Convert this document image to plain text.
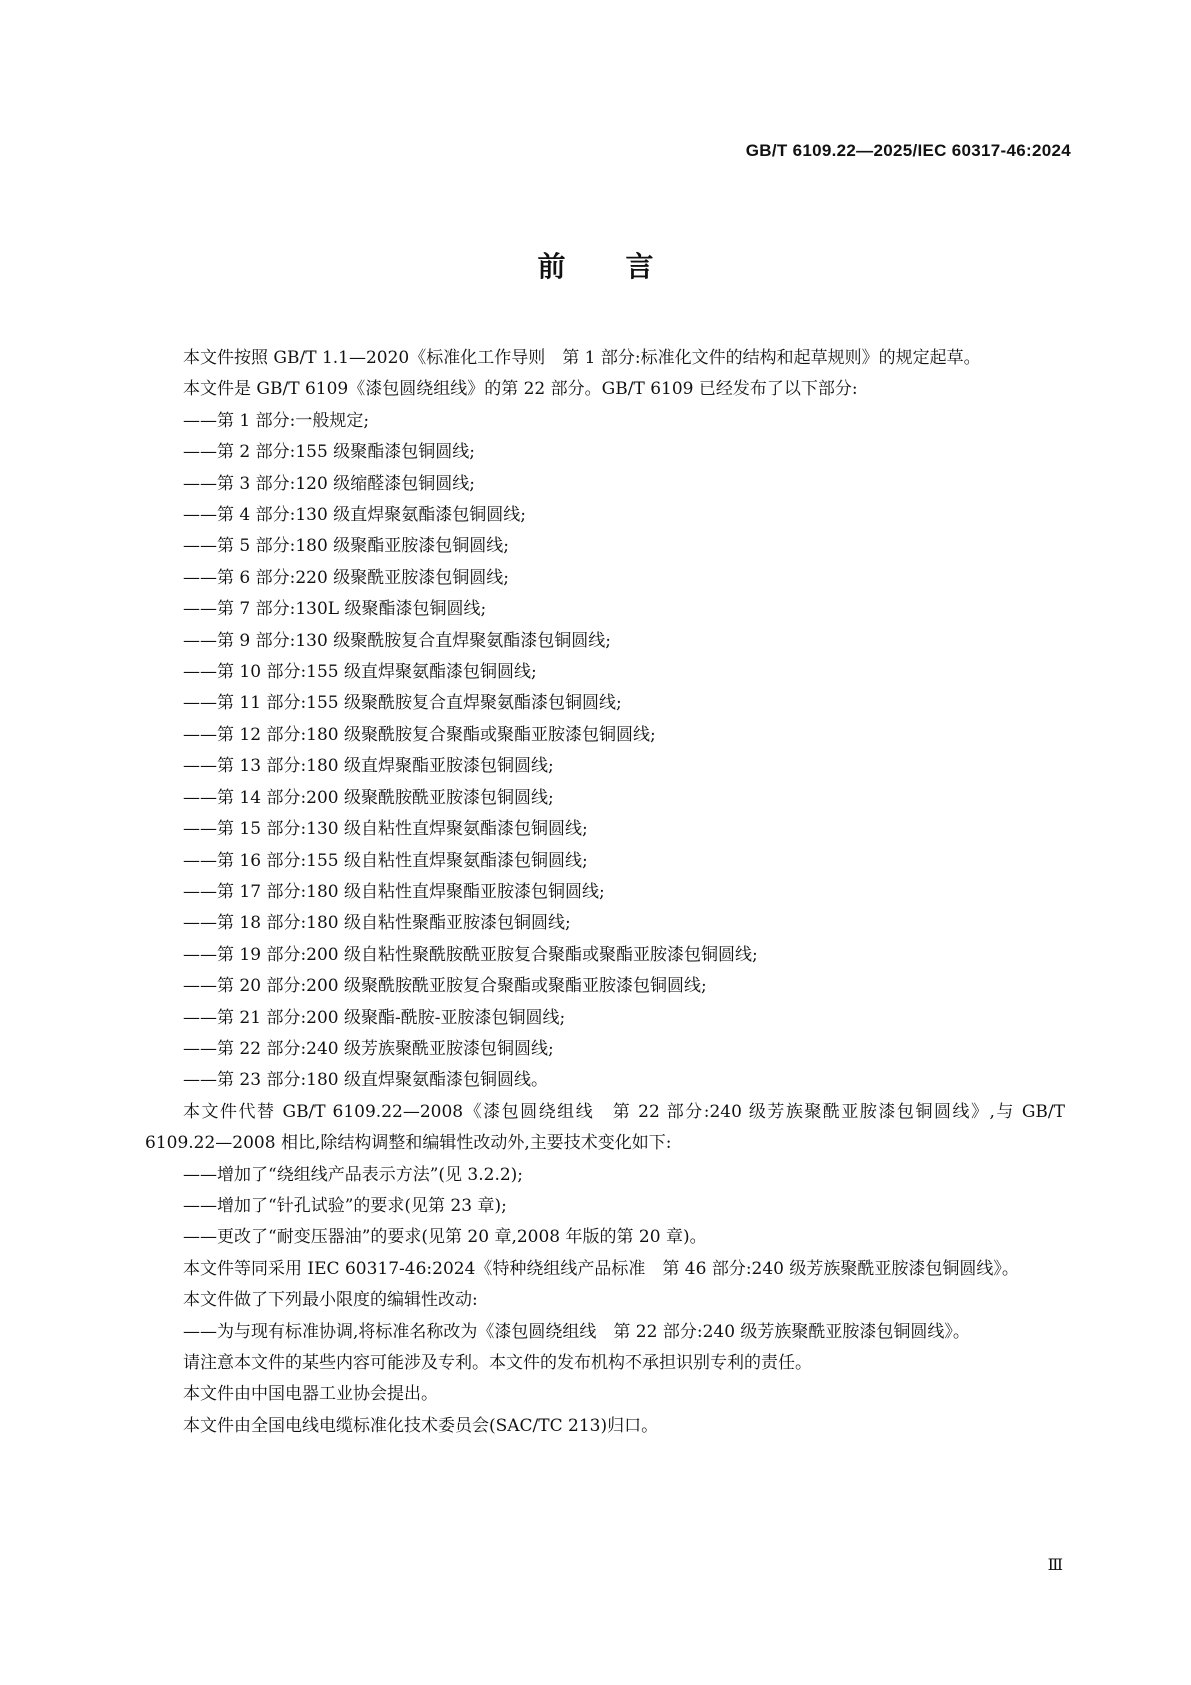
GB/T 6109.22—2025/IEC 60317-46:2024
前言

本文件按照 GB/T 1.1—2020《标准化工作导则　第 1 部分:标准化文件的结构和起草规则》的规定起草。

本文件是 GB/T 6109《漆包圆绕组线》的第 22 部分。GB/T 6109 已经发布了以下部分:

——第 1 部分:一般规定;

——第 2 部分:155 级聚酯漆包铜圆线;

——第 3 部分:120 级缩醛漆包铜圆线;

——第 4 部分:130 级直焊聚氨酯漆包铜圆线;

——第 5 部分:180 级聚酯亚胺漆包铜圆线;

——第 6 部分:220 级聚酰亚胺漆包铜圆线;

——第 7 部分:130L 级聚酯漆包铜圆线;

——第 9 部分:130 级聚酰胺复合直焊聚氨酯漆包铜圆线;

——第 10 部分:155 级直焊聚氨酯漆包铜圆线;

——第 11 部分:155 级聚酰胺复合直焊聚氨酯漆包铜圆线;

——第 12 部分:180 级聚酰胺复合聚酯或聚酯亚胺漆包铜圆线;

——第 13 部分:180 级直焊聚酯亚胺漆包铜圆线;

——第 14 部分:200 级聚酰胺酰亚胺漆包铜圆线;

——第 15 部分:130 级自粘性直焊聚氨酯漆包铜圆线;

——第 16 部分:155 级自粘性直焊聚氨酯漆包铜圆线;

——第 17 部分:180 级自粘性直焊聚酯亚胺漆包铜圆线;

——第 18 部分:180 级自粘性聚酯亚胺漆包铜圆线;

——第 19 部分:200 级自粘性聚酰胺酰亚胺复合聚酯或聚酯亚胺漆包铜圆线;

——第 20 部分:200 级聚酰胺酰亚胺复合聚酯或聚酯亚胺漆包铜圆线;

——第 21 部分:200 级聚酯-酰胺-亚胺漆包铜圆线;

——第 22 部分:240 级芳族聚酰亚胺漆包铜圆线;

——第 23 部分:180 级直焊聚氨酯漆包铜圆线。

本文件代替 GB/T 6109.22—2008《漆包圆绕组线　第 22 部分:240 级芳族聚酰亚胺漆包铜圆线》,与 GB/T 6109.22—2008 相比,除结构调整和编辑性改动外,主要技术变化如下:

——增加了“绕组线产品表示方法”(见 3.2.2);

——增加了“针孔试验”的要求(见第 23 章);

——更改了“耐变压器油”的要求(见第 20 章,2008 年版的第 20 章)。

本文件等同采用 IEC 60317-46:2024《特种绕组线产品标准　第 46 部分:240 级芳族聚酰亚胺漆包铜圆线》。

本文件做了下列最小限度的编辑性改动:

——为与现有标准协调,将标准名称改为《漆包圆绕组线　第 22 部分:240 级芳族聚酰亚胺漆包铜圆线》。

请注意本文件的某些内容可能涉及专利。本文件的发布机构不承担识别专利的责任。

本文件由中国电器工业协会提出。

本文件由全国电线电缆标准化技术委员会(SAC/TC 213)归口。

Ⅲ
